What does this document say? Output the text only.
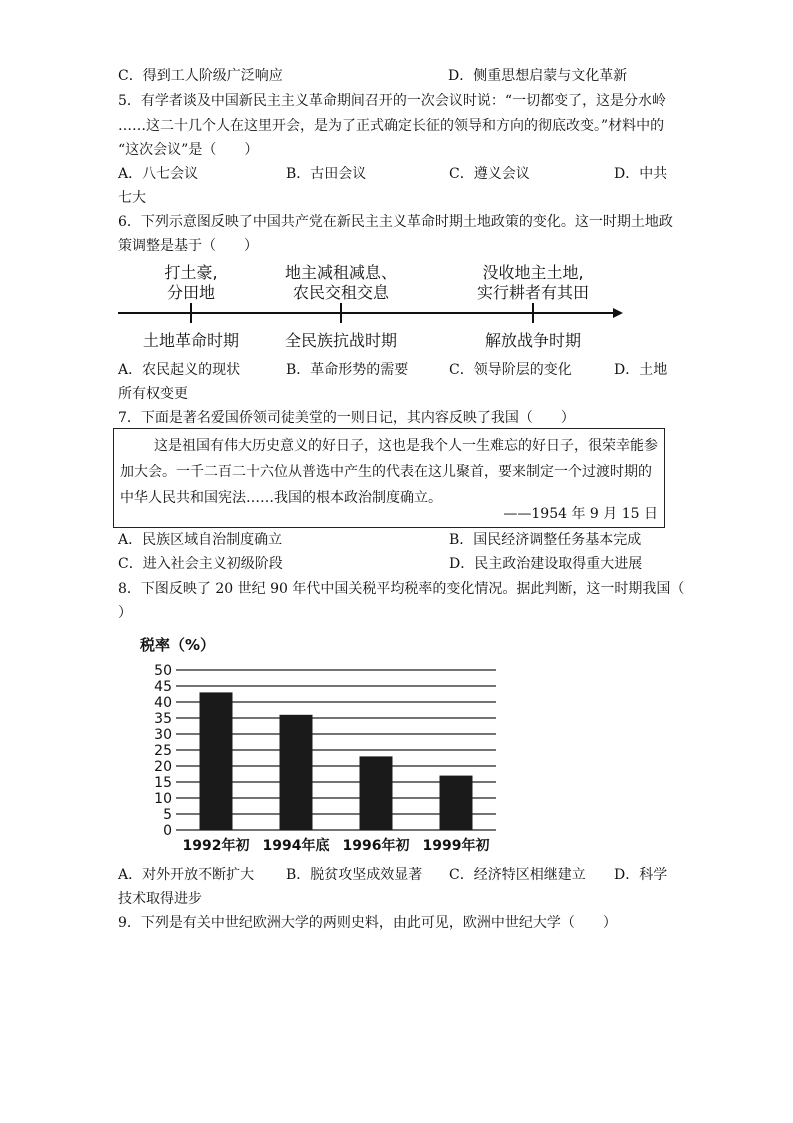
C．得到工人阶级广泛响应	D．侧重思想启蒙与文化革新
5．有学者谈及中国新民主主义革命期间召开的一次会议时说：“一切都变了，这是分水岭
……这二十几个人在这里开会，是为了正式确定长征的领导和方向的彻底改变。”材料中的
“这次会议”是（　　）
A．八七会议	B．古田会议	C．遵义会议	D．中共
七大
6．下列示意图反映了中国共产党在新民主主义革命时期土地政策的变化。这一时期土地政
策调整是基于（　　）
打土豪,
分田地
地主减租减息、
农民交租交息
没收地主土地,
实行耕者有其田
土地革命时期	全民族抗战时期	解放战争时期
A．农民起义的现状	B．革命形势的需要	C．领导阶层的变化	D．土地
所有权变更
7．下面是著名爱国侨领司徒美堂的一则日记，其内容反映了我国（　　）
这是祖国有伟大历史意义的好日子，这也是我个人一生难忘的好日子，很荣幸能参加大会。一千二百二十六位从普选中产生的代表在这儿聚首，要来制定一个过渡时期的中华人民共和国宪法……我国的根本政治制度确立。
——1954 年 9 月 15 日
A．民族区域自治制度确立	B．国民经济调整任务基本完成
C．进入社会主义初级阶段	D．民主政治建设取得重大进展
8．下图反映了 20 世纪 90 年代中国关税平均税率的变化情况。据此判断，这一时期我国（
）
税率（%）
0
5
10
15
20
25
30
35
40
45
50
1992年初 1994年底 1996年初 1999年初
A．对外开放不断扩大 B．脱贫攻坚成效显著 C．经济特区相继建立 D．科学
技术取得进步
9．下列是有关中世纪欧洲大学的两则史料，由此可见，欧洲中世纪大学（　　）
